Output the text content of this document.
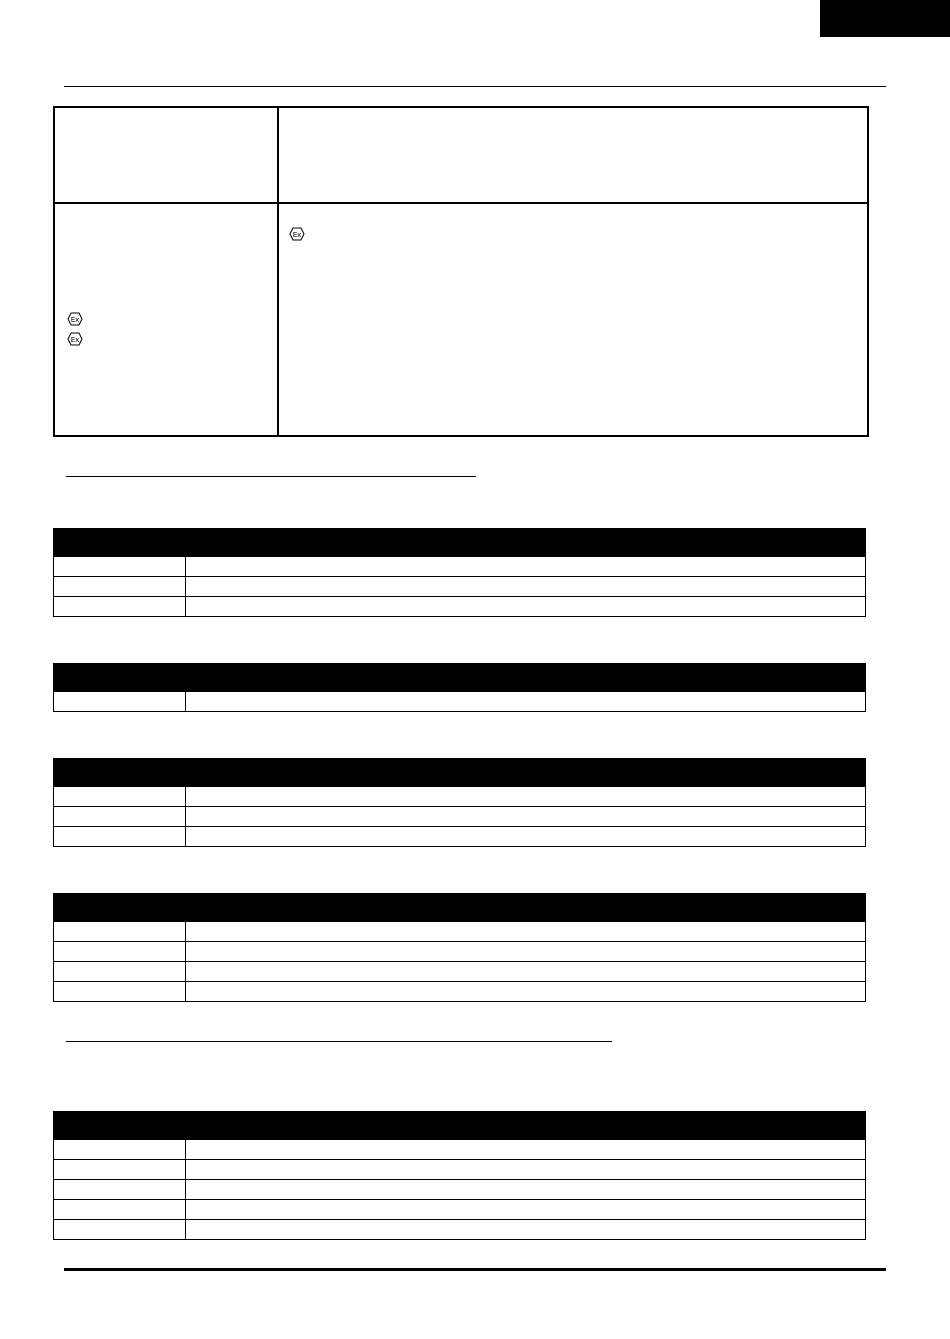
Ex
Ex
Ex
